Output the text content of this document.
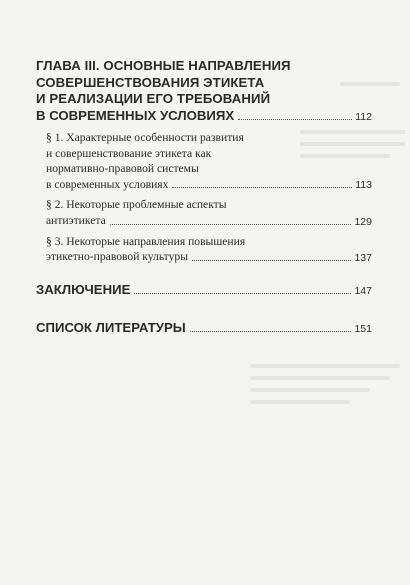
ГЛАВА III. ОСНОВНЫЕ НАПРАВЛЕНИЯ
СОВЕРШЕНСТВОВАНИЯ ЭТИКЕТА
И РЕАЛИЗАЦИИ ЕГО ТРЕБОВАНИЙ
В СОВРЕМЕННЫХ УСЛОВИЯХ	112
§ 1. Характерные особенности развития
и совершенствование этикета как
нормативно-правовой системы
в современных условиях	113
§ 2. Некоторые проблемные аспекты
антиэтикета	129
§ 3. Некоторые направления повышения
этикетно-правовой культуры	137
ЗАКЛЮЧЕНИЕ	147
СПИСОК ЛИТЕРАТУРЫ	151
